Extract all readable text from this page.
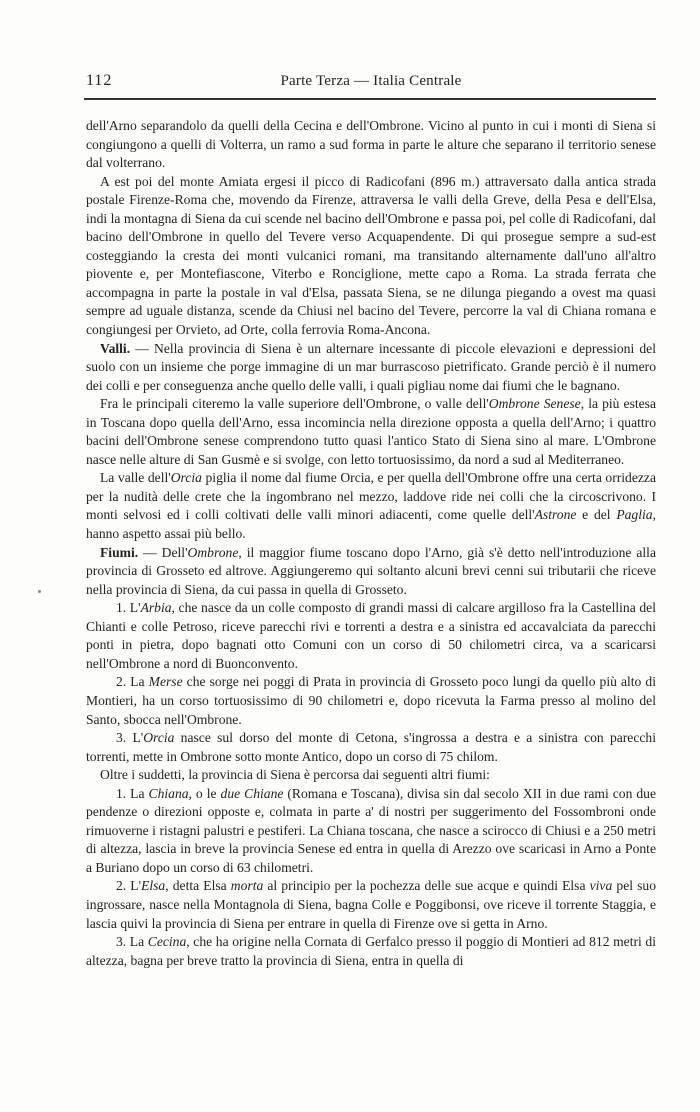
112	Parte Terza — Italia Centrale

dell'Arno separandolo da quelli della Cecina e dell'Ombrone. Vicino al punto in cui i monti di Siena si congiungono a quelli di Volterra, un ramo a sud forma in parte le alture che separano il territorio senese dal volterrano.

A est poi del monte Amiata ergesi il picco di Radicofani (896 m.) attraversato dalla antica strada postale Firenze-Roma che, movendo da Firenze, attraversa le valli della Greve, della Pesa e dell'Elsa, indi la montagna di Siena da cui scende nel bacino dell'Ombrone e passa poi, pel colle di Radicofani, dal bacino dell'Ombrone in quello del Tevere verso Acquapendente. Di qui prosegue sempre a sud-est costeggiando la cresta dei monti vulcanici romani, ma transitando alternamente dall'uno all'altro piovente e, per Montefiascone, Viterbo e Ronciglione, mette capo a Roma. La strada ferrata che accompagna in parte la postale in val d'Elsa, passata Siena, se ne dilunga piegando a ovest ma quasi sempre ad uguale distanza, scende da Chiusi nel bacino del Tevere, percorre la val di Chiana romana e congiungesi per Orvieto, ad Orte, colla ferrovia Roma-Ancona.

Valli. — Nella provincia di Siena è un alternare incessante di piccole elevazioni e depressioni del suolo con un insieme che porge immagine di un mar burrascoso pietrificato. Grande perciò è il numero dei colli e per conseguenza anche quello delle valli, i quali pigliau nome dai fiumi che le bagnano.

Fra le principali citeremo la valle superiore dell'Ombrone, o valle dell'Ombrone Senese, la più estesa in Toscana dopo quella dell'Arno, essa incomincia nella direzione opposta a quella dell'Arno; i quattro bacini dell'Ombrone senese comprendono tutto quasi l'antico Stato di Siena sino al mare. L'Ombrone nasce nelle alture di San Gusmè e si svolge, con letto tortuosissimo, da nord a sud al Mediterraneo.

La valle dell'Orcia piglia il nome dal fiume Orcia, e per quella dell'Ombrone offre una certa orridezza per la nudità delle crete che la ingombrano nel mezzo, laddove ride nei colli che la circoscrivono. I monti selvosi ed i colli coltivati delle valli minori adiacenti, come quelle dell'Astrone e del Paglia, hanno aspetto assai più bello.

Fiumi. — Dell'Ombrone, il maggior fiume toscano dopo l'Arno, già s'è detto nell'introduzione alla provincia di Grosseto ed altrove. Aggiungeremo qui soltanto alcuni brevi cenni sui tributarii che riceve nella provincia di Siena, da cui passa in quella di Grosseto.

1. L'Arbia, che nasce da un colle composto di grandi massi di calcare argilloso fra la Castellina del Chianti e colle Petroso, riceve parecchi rivi e torrenti a destra e a sinistra ed accavalciata da parecchi ponti in pietra, dopo bagnati otto Comuni con un corso di 50 chilometri circa, va a scaricarsi nell'Ombrone a nord di Buonconvento.

2. La Merse che sorge nei poggi di Prata in provincia di Grosseto poco lungi da quello più alto di Montieri, ha un corso tortuosissimo di 90 chilometri e, dopo ricevuta la Farma presso al molino del Santo, sbocca nell'Ombrone.

3. L'Orcia nasce sul dorso del monte di Cetona, s'ingrossa a destra e a sinistra con parecchi torrenti, mette in Ombrone sotto monte Antico, dopo un corso di 75 chilom.

Oltre i suddetti, la provincia di Siena è percorsa dai seguenti altri fiumi:

1. La Chiana, o le due Chiane (Romana e Toscana), divisa sin dal secolo XII in due rami con due pendenze o direzioni opposte e, colmata in parte a' di nostri per suggerimento del Fossombroni onde rimuoverne i ristagni palustri e pestiferi. La Chiana toscana, che nasce a scirocco di Chiusi e a 250 metri di altezza, lascia in breve la provincia Senese ed entra in quella di Arezzo ove scaricasi in Arno a Ponte a Buriano dopo un corso di 63 chilometri.

2. L'Elsa, detta Elsa morta al principio per la pochezza delle sue acque e quindi Elsa viva pel suo ingrossare, nasce nella Montagnola di Siena, bagna Colle e Poggibonsi, ove riceve il torrente Staggia, e lascia quivi la provincia di Siena per entrare in quella di Firenze ove si getta in Arno.

3. La Cecina, che ha origine nella Cornata di Gerfalco presso il poggio di Montieri ad 812 metri di altezza, bagna per breve tratto la provincia di Siena, entra in quella di
